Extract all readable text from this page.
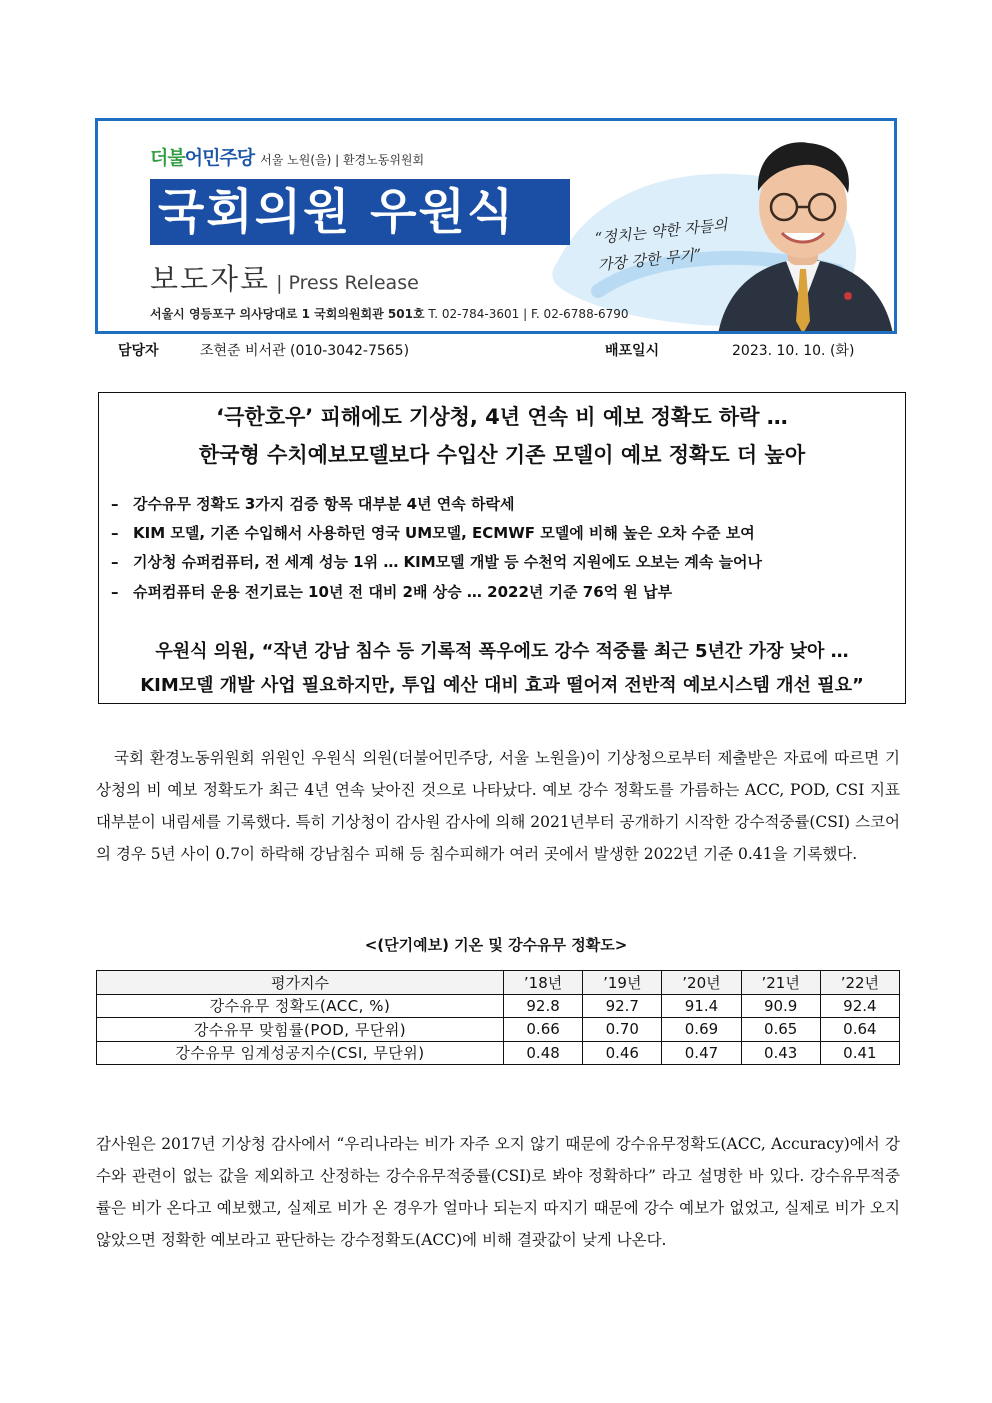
더불어민주당 서울 노원(을) | 환경노동위원회
국회의원 우원식
보도자료 | Press Release
서울시 영등포구 의사당대로 1 국회의원회관 501호 T. 02-784-3601 | F. 02-6788-6790
“정치는 약한 자들의
가장 강한 무기”
담당자	조현준 비서관 (010-3042-7565)	배포일시	2023. 10. 10. (화)
‘극한호우’ 피해에도 기상청, 4년 연속 비 예보 정확도 하락 …
한국형 수치예보모델보다 수입산 기존 모델이 예보 정확도 더 높아
– 강수유무 정확도 3가지 검증 항목 대부분 4년 연속 하락세
– KIM 모델, 기존 수입해서 사용하던 영국 UM모델, ECMWF 모델에 비해 높은 오차 수준 보여
– 기상청 슈퍼컴퓨터, 전 세계 성능 1위 … KIM모델 개발 등 수천억 지원에도 오보는 계속 늘어나
– 슈퍼컴퓨터 운용 전기료는 10년 전 대비 2배 상승 … 2022년 기준 76억 원 납부
우원식 의원, “작년 강남 침수 등 기록적 폭우에도 강수 적중률 최근 5년간 가장 낮아 …
KIM모델 개발 사업 필요하지만, 투입 예산 대비 효과 떨어져 전반적 예보시스템 개선 필요”

국회 환경노동위원회 위원인 우원식 의원(더불어민주당, 서울 노원을)이 기상청으로부터 제출받은 자료에 따르면 기상청의 비 예보 정확도가 최근 4년 연속 낮아진 것으로 나타났다. 예보 강수 정확도를 가름하는 ACC, POD, CSI 지표 대부분이 내림세를 기록했다. 특히 기상청이 감사원 감사에 의해 2021년부터 공개하기 시작한 강수적중률(CSI) 스코어의 경우 5년 사이 0.7이 하락해 강남침수 피해 등 침수피해가 여러 곳에서 발생한 2022년 기준 0.41을 기록했다.

<(단기예보) 기온 및 강수유무 정확도>
평가지수	’18년	’19년	’20년	’21년	’22년
강수유무 정확도(ACC, %)	92.8	92.7	91.4	90.9	92.4
강수유무 맞힘률(POD, 무단위)	0.66	0.70	0.69	0.65	0.64
강수유무 임계성공지수(CSI, 무단위)	0.48	0.46	0.47	0.43	0.41

감사원은 2017년 기상청 감사에서 “우리나라는 비가 자주 오지 않기 때문에 강수유무정확도(ACC, Accuracy)에서 강수와 관련이 없는 값을 제외하고 산정하는 강수유무적중률(CSI)로 봐야 정확하다” 라고 설명한 바 있다. 강수유무적중률은 비가 온다고 예보했고, 실제로 비가 온 경우가 얼마나 되는지 따지기 때문에 강수 예보가 없었고, 실제로 비가 오지 않았으면 정확한 예보라고 판단하는 강수정확도(ACC)에 비해 결괏값이 낮게 나온다.
